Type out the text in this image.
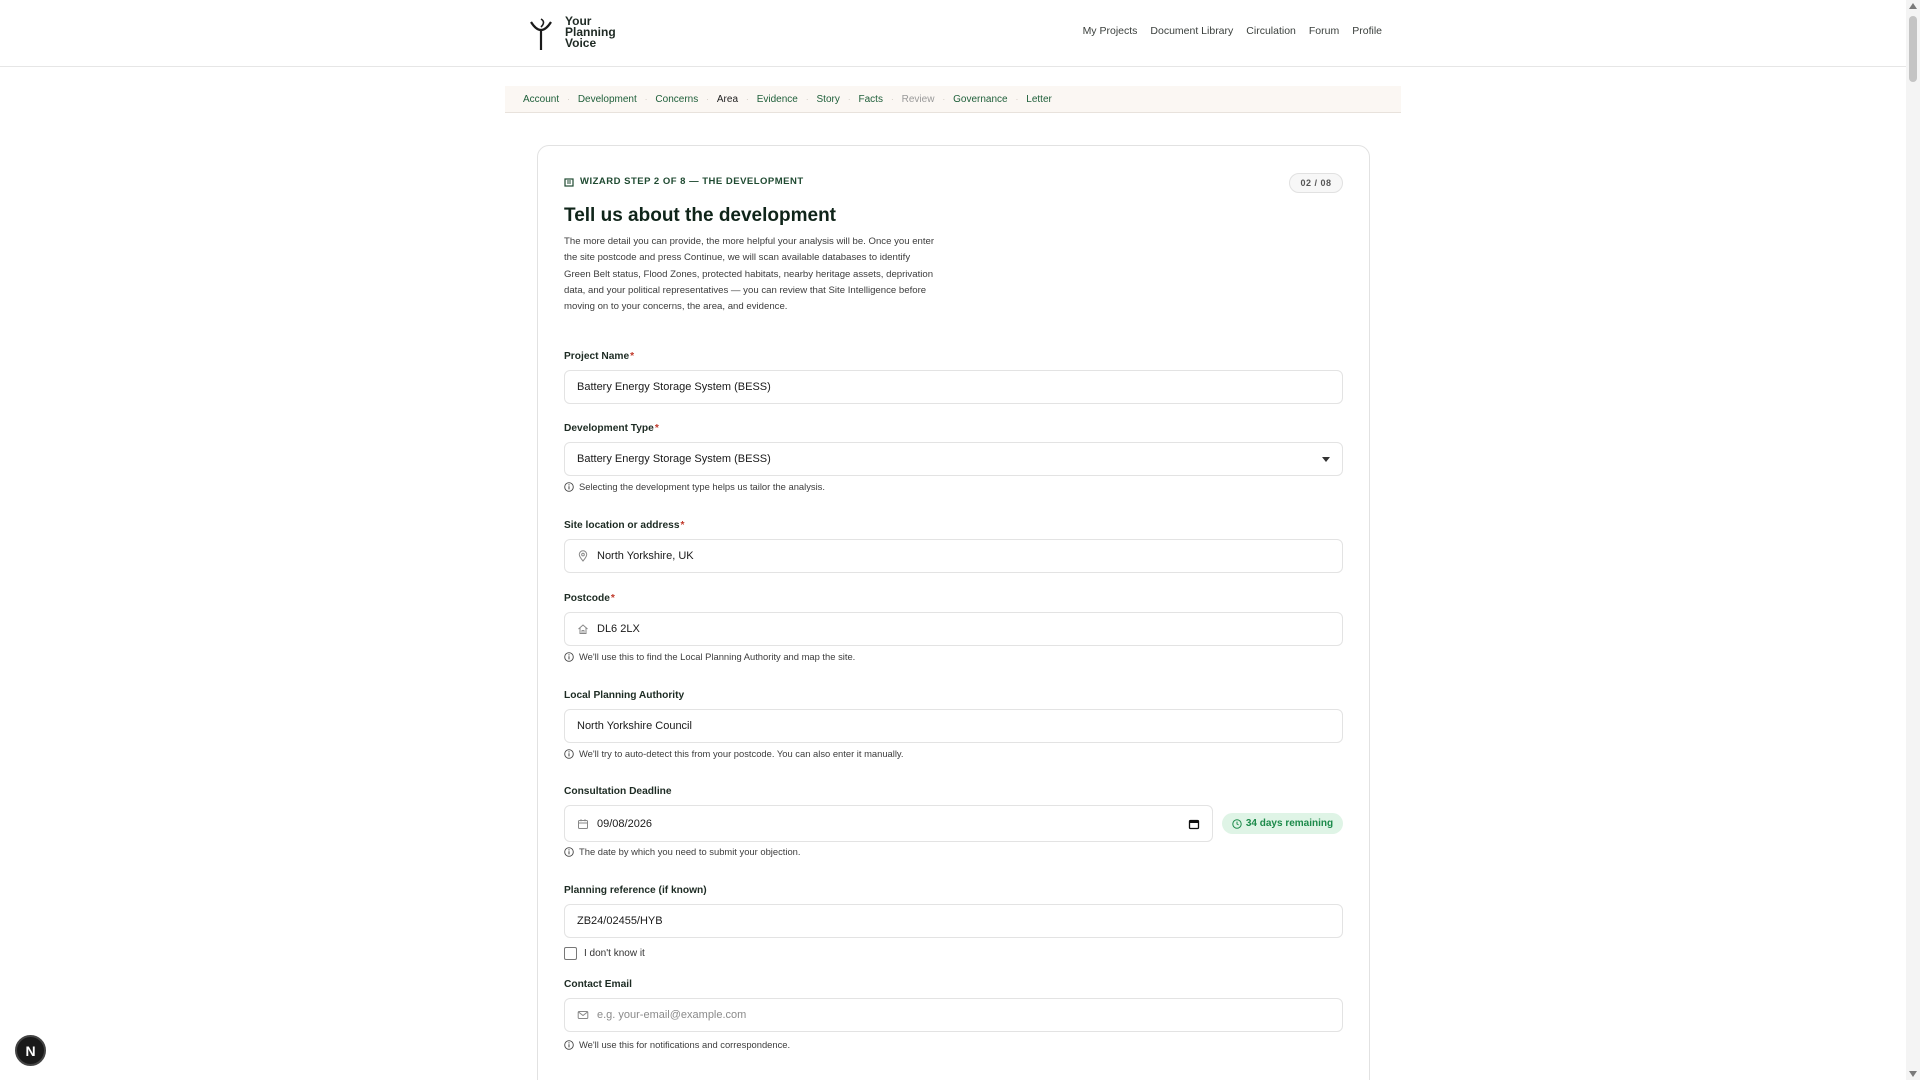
Your
Planning
Voice
My Projects Document Library Circulation Forum Profile
Account · Development · Concerns · Area · Evidence · Story · Facts · Review · Governance · Letter
WIZARD STEP 2 OF 8 — THE DEVELOPMENT	02 / 08
Tell us about the development
The more detail you can provide, the more helpful your analysis will be. Once you enter the site postcode and press Continue, we will scan available databases to identify Green Belt status, Flood Zones, protected habitats, nearby heritage assets, deprivation data, and your political representatives — you can review that Site Intelligence before moving on to your concerns, the area, and evidence.
Project Name*
Battery Energy Storage System (BESS)
Development Type*
Battery Energy Storage System (BESS)
Selecting the development type helps us tailor the analysis.
Site location or address*
North Yorkshire, UK
Postcode*
DL6 2LX
We'll use this to find the Local Planning Authority and map the site.
Local Planning Authority
North Yorkshire Council
We'll try to auto-detect this from your postcode. You can also enter it manually.
Consultation Deadline
09/08/2026	34 days remaining
The date by which you need to submit your objection.
Planning reference (if known)
ZB24/02455/HYB
I don't know it
Contact Email
e.g. your-email@example.com
We'll use this for notifications and correspondence.
N
